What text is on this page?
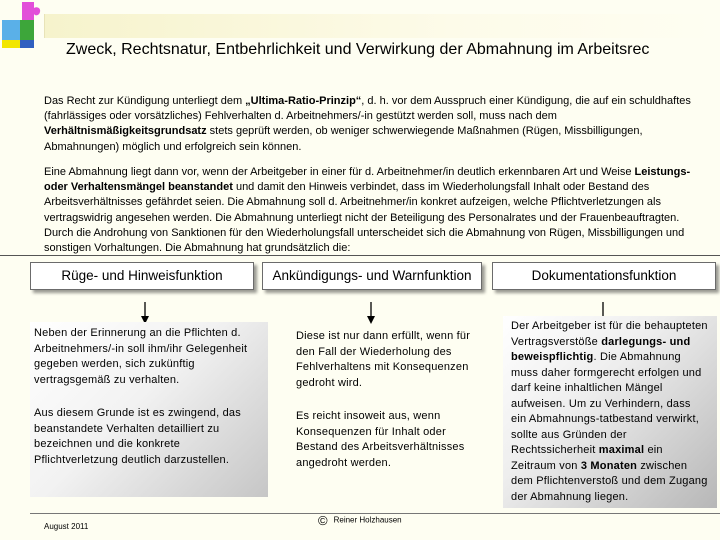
Zweck, Rechtsnatur, Entbehrlichkeit und Verwirkung der Abmahnung im Arbeitsrec

Das Recht zur Kündigung unterliegt dem „Ultima-Ratio-Prinzip“, d. h. vor dem Ausspruch einer Kündigung, die auf ein schuldhaftes (fahrlässiges oder vorsätzliches) Fehlverhalten d. Arbeitnehmers/-in gestützt werden soll, muss nach dem Verhältnismäßigkeitsgrundsatz stets geprüft werden, ob weniger schwerwiegende Maßnahmen (Rügen, Missbilligungen, Abmahnungen) möglich und erfolgreich sein können.

Eine Abmahnung liegt dann vor, wenn der Arbeitgeber in einer für d. Arbeitnehmer/in deutlich erkennbaren Art und Weise Leistungs- oder Verhaltensmängel beanstandet und damit den Hinweis verbindet, dass im Wiederholungsfall Inhalt oder Bestand des Arbeitsverhältnisses gefährdet seien. Die Abmahnung soll d. Arbeitnehmer/in konkret aufzeigen, welche Pflichtverletzungen als vertragswidrig angesehen werden. Die Abmahnung unterliegt nicht der Beteiligung des Personalrates und der Frauenbeauftragten. Durch die Androhung von Sanktionen für den Wiederholungsfall unterscheidet sich die Abmahnung von Rügen, Missbilligungen und sonstigen Vorhaltungen. Die Abmahnung hat grundsätzlich die:

Rüge- und Hinweisfunktion	Ankündigungs- und Warnfunktion	Dokumentationsfunktion

Neben der Erinnerung an die Pflichten d. Arbeitnehmers/-in soll ihm/ihr Gelegenheit gegeben werden, sich zukünftig vertragsgemäß zu verhalten.

Aus diesem Grunde ist es zwingend, das beanstandete Verhalten detailliert zu bezeichnen und die konkrete Pflichtverletzung deutlich darzustellen.

Diese ist nur dann erfüllt, wenn für den Fall der Wiederholung des Fehlverhaltens mit Konsequenzen gedroht wird.

Es reicht insoweit aus, wenn Konsequenzen für Inhalt oder Bestand des Arbeitsverhältnisses angedroht werden.

Der Arbeitgeber ist für die behaupteten Vertragsverstöße darlegungs- und beweispflichtig. Die Abmahnung muss daher formgerecht erfolgen und darf keine inhaltlichen Mängel aufweisen. Um zu Verhindern, dass ein Abmahnungs-tatbestand verwirkt, sollte aus Gründen der Rechtssicherheit maximal ein Zeitraum von 3 Monaten zwischen dem Pflichtenverstoß und dem Zugang der Abmahnung liegen.

August 2011	© Reiner Holzhausen
